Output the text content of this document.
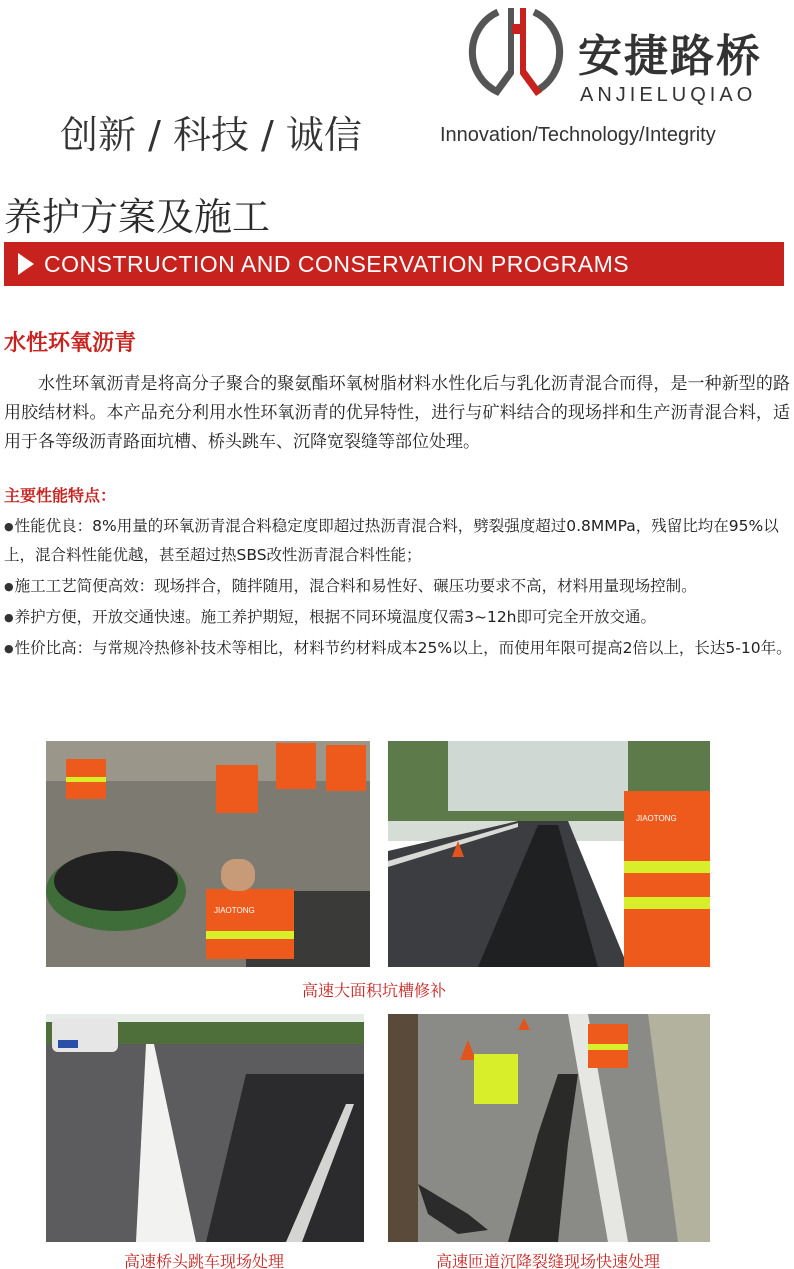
安捷路桥
ANJIELUQIAO
创新 / 科技 / 诚信	Innovation/Technology/Integrity
养护方案及施工
CONSTRUCTION AND CONSERVATION PROGRAMS
水性环氧沥青

水性环氧沥青是将高分子聚合的聚氨酯环氧树脂材料水性化后与乳化沥青混合而得，是一种新型的路用胶结材料。本产品充分利用水性环氧沥青的优异特性，进行与矿料结合的现场拌和生产沥青混合料，适用于各等级沥青路面坑槽、桥头跳车、沉降宽裂缝等部位处理。

主要性能特点：
● 性能优良：8%用量的环氧沥青混合料稳定度即超过热沥青混合料，劈裂强度超过0.8MMPa，残留比均在95%以上，混合料性能优越，甚至超过热SBS改性沥青混合料性能；
● 施工工艺简便高效：现场拌合，随拌随用，混合料和易性好、碾压功要求不高，材料用量现场控制。
● 养护方便，开放交通快速。施工养护期短，根据不同环境温度仅需3~12h即可完全开放交通。
● 性价比高：与常规冷热修补技术等相比，材料节约材料成本25%以上，而使用年限可提高2倍以上，长达5-10年。
JIAOTONG
JIAOTONG
高速大面积坑槽修补
高速桥头跳车现场处理	高速匝道沉降裂缝现场快速处理
